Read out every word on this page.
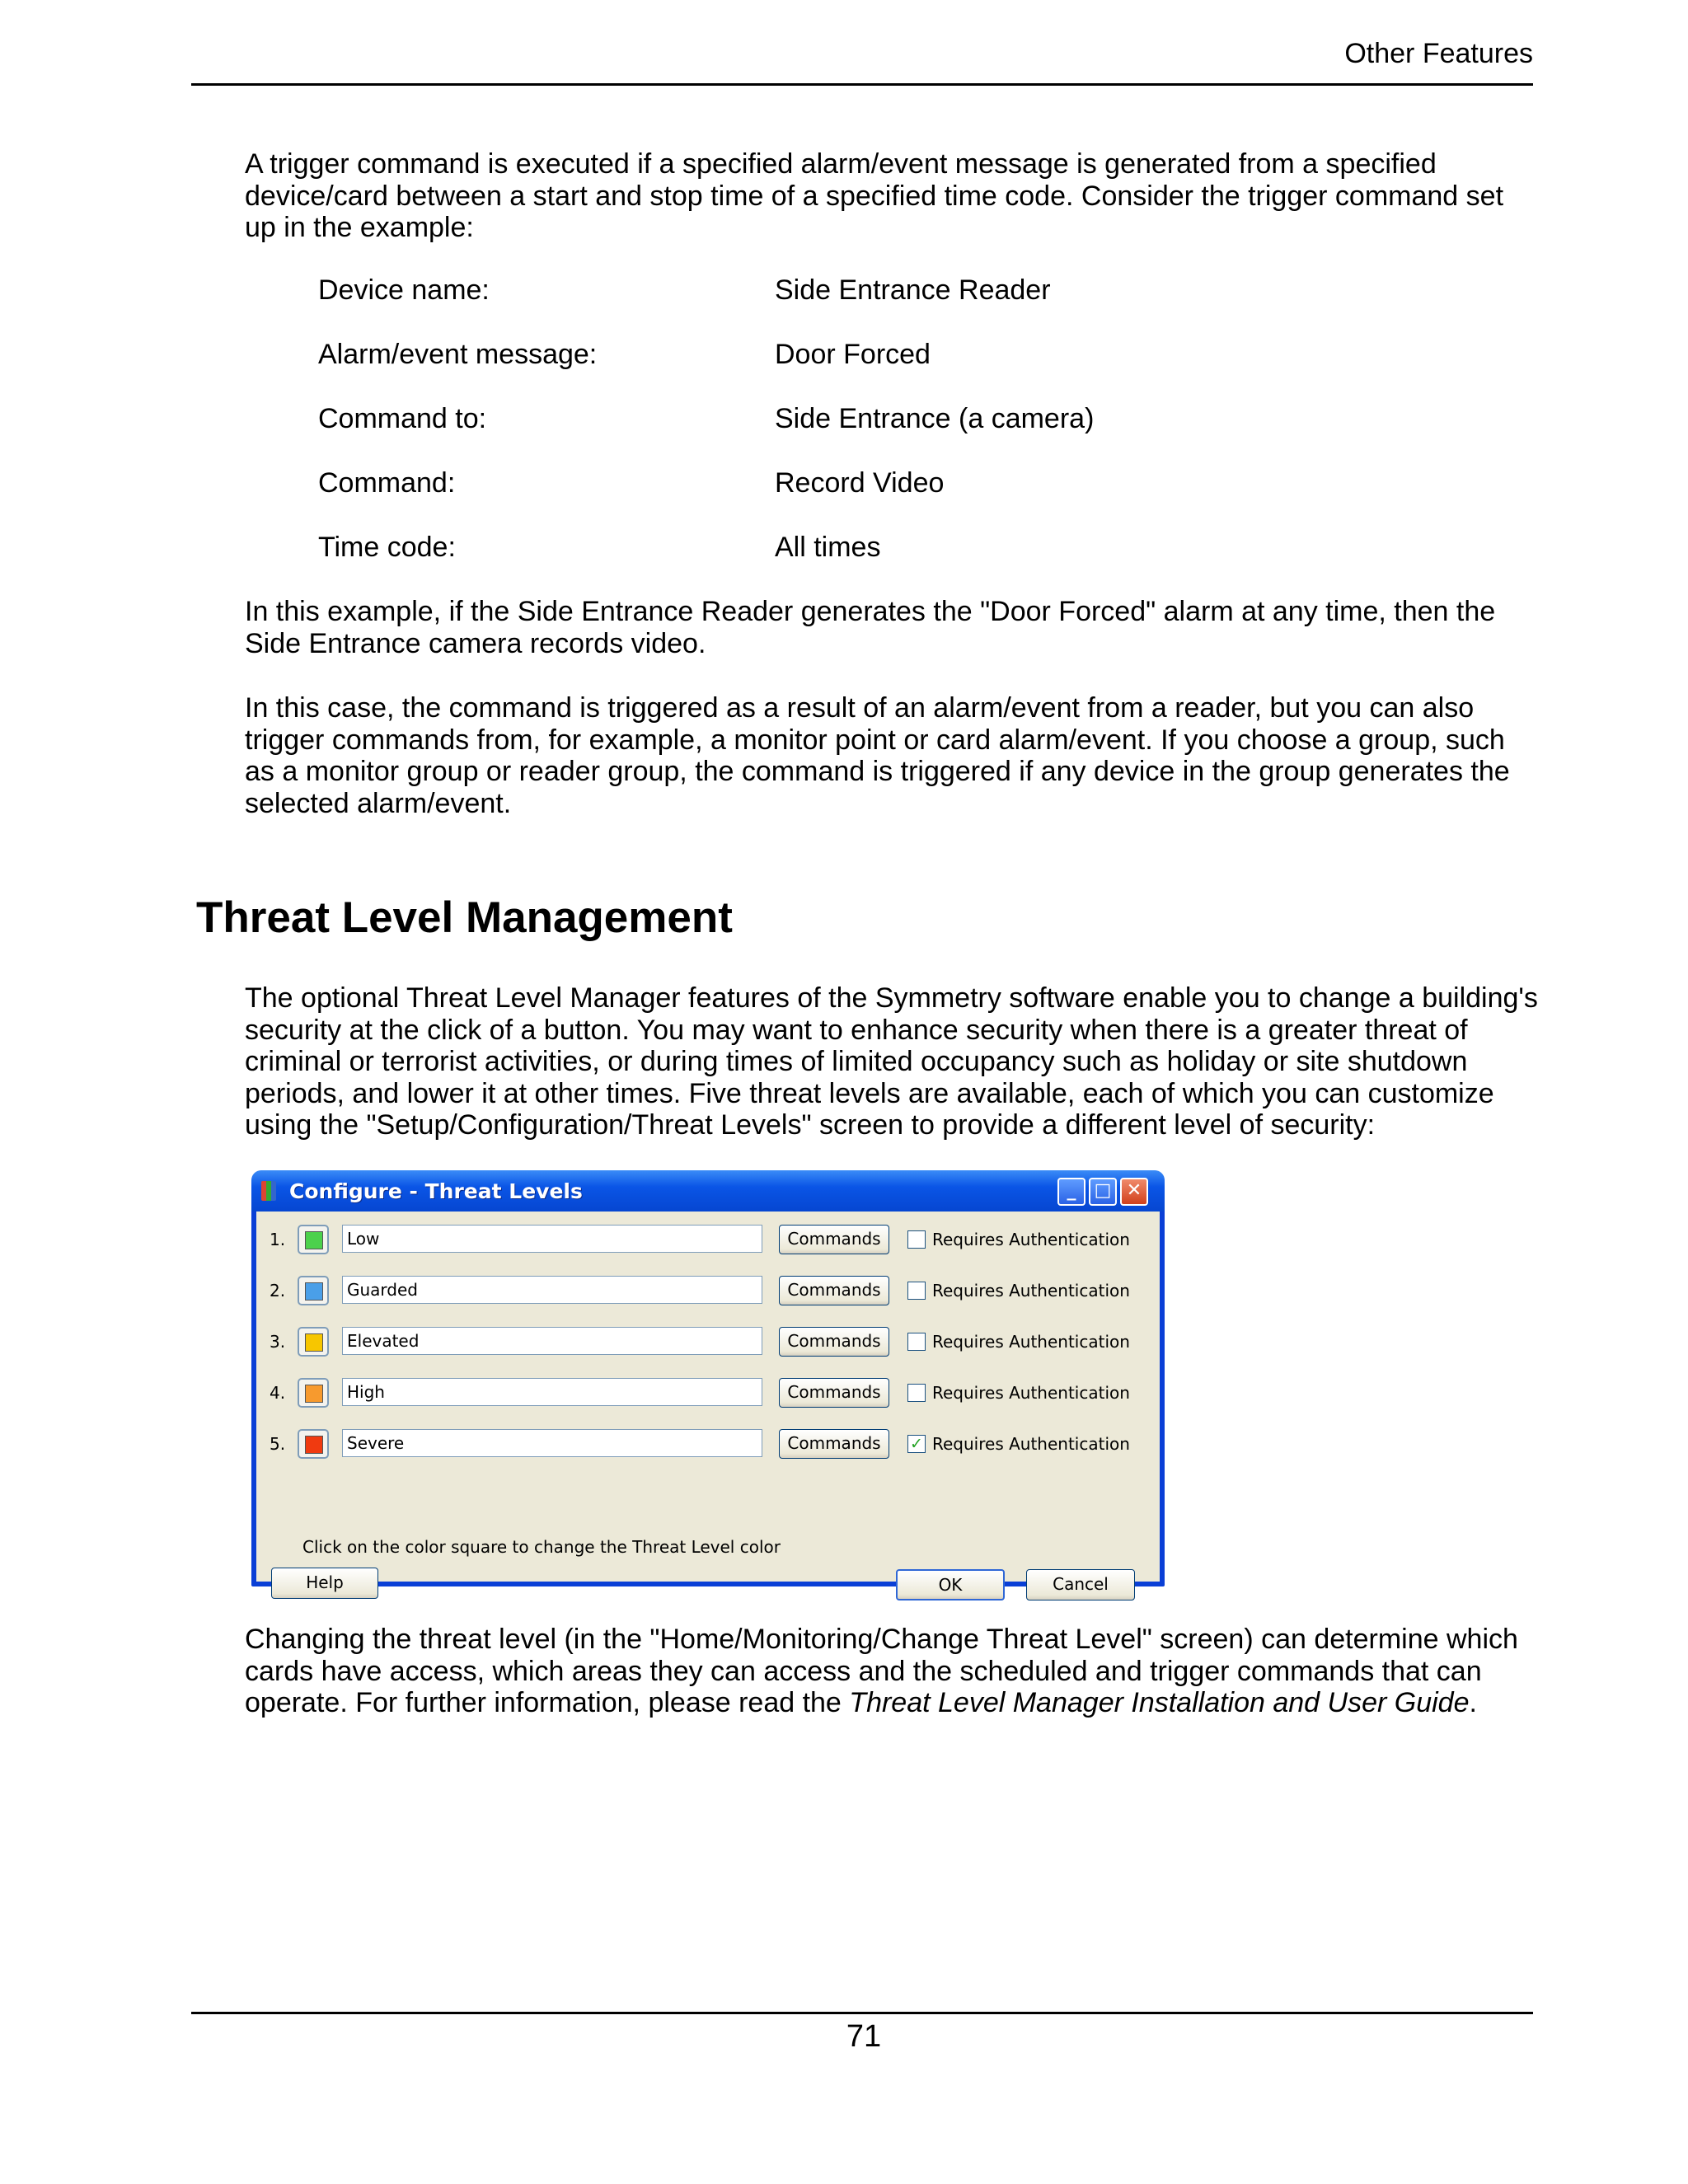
Other Features
A trigger command is executed if a specified alarm/event message is generated from a specified device/card between a start and stop time of a specified time code. Consider the trigger command set up in the example:
Device name:	Side Entrance Reader
Alarm/event message:	Door Forced
Command to:	Side Entrance (a camera)
Command:	Record Video
Time code:	All times
In this example, if the Side Entrance Reader generates the "Door Forced" alarm at any time, then the Side Entrance camera records video.
In this case, the command is triggered as a result of an alarm/event from a reader, but you can also trigger commands from, for example, a monitor point or card alarm/event. If you choose a group, such as a monitor group or reader group, the command is triggered if any device in the group generates the selected alarm/event.
Threat Level Management
The optional Threat Level Manager features of the Symmetry software enable you to change a building's security at the click of a button. You may want to enhance security when there is a greater threat of criminal or terrorist activities, or during times of limited occupancy such as holiday or site shutdown periods, and lower it at other times. Five threat levels are available, each of which you can customize using the "Setup/Configuration/Threat Levels" screen to provide a different level of security:
Configure - Threat Levels	_	□ ✕
1.
Low	Commands	Requires Authentication
2.
Guarded	Commands	Requires Authentication
3.
Elevated	Commands	Requires Authentication
4.
High	Commands	Requires Authentication
5.
Severe	Commands	✓ Requires Authentication
Click on the color square to change the Threat Level color
Help	OK	Cancel
Changing the threat level (in the "Home/Monitoring/Change Threat Level" screen) can determine which cards have access, which areas they can access and the scheduled and trigger commands that can operate. For further information, please read the Threat Level Manager Installation and User Guide.
71
